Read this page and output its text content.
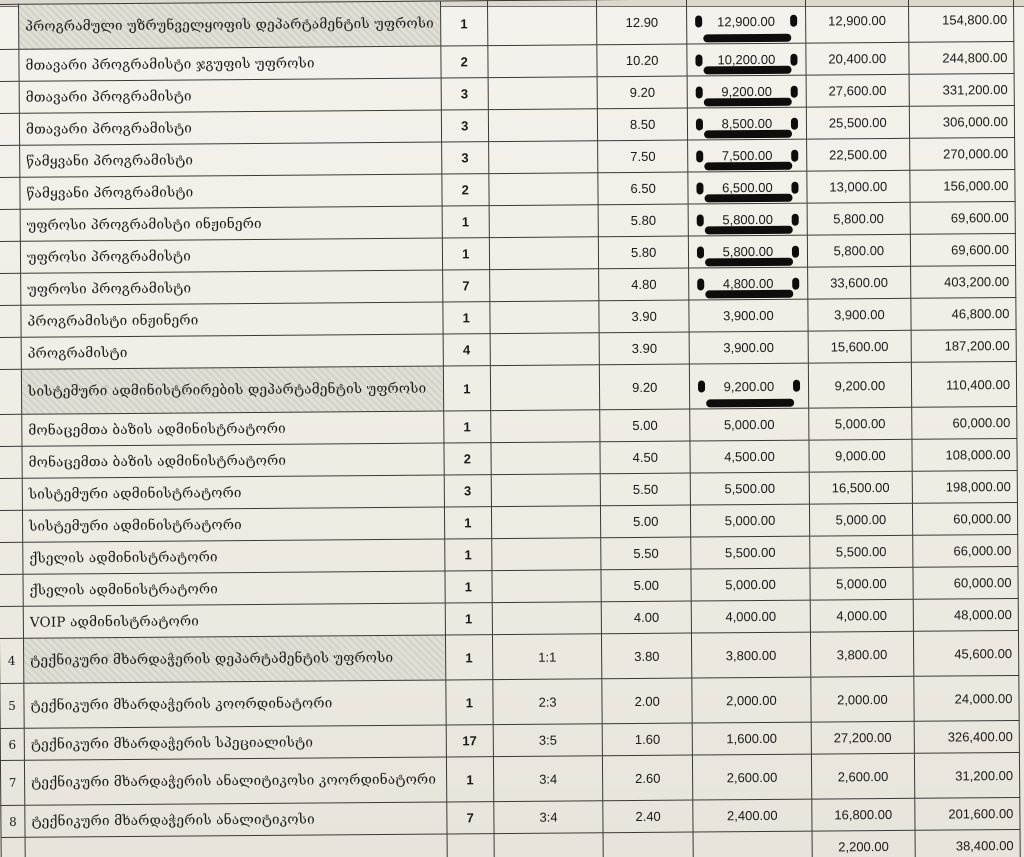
	პროგრამული უზრუნველყოფის დეპარტამენტის უფროსი	1		12.90	12,900.00	12,900.00	154,800.00
	მთავარი პროგრამისტი ჯგუფის უფროსი	2		10.20	10,200.00	20,400.00	244,800.00
	მთავარი პროგრამისტი	3		9.20	9,200.00	27,600.00	331,200.00
	მთავარი პროგრამისტი	3		8.50	8,500.00	25,500.00	306,000.00
	წამყვანი პროგრამისტი	3		7.50	7,500.00	22,500.00	270,000.00
	წამყვანი პროგრამისტი	2		6.50	6,500.00	13,000.00	156,000.00
	უფროსი პროგრამისტი ინჟინერი	1		5.80	5,800.00	5,800.00	69,600.00
	უფროსი პროგრამისტი	1		5.80	5,800.00	5,800.00	69,600.00
	უფროსი პროგრამისტი	7		4.80	4,800.00	33,600.00	403,200.00
	პროგრამისტი ინჟინერი	1		3.90	3,900.00	3,900.00	46,800.00
	პროგრამისტი	4		3.90	3,900.00	15,600.00	187,200.00
	სისტემური ადმინისტრირების დეპარტამენტის უფროსი	1		9.20	9,200.00	9,200.00	110,400.00
	მონაცემთა ბაზის ადმინისტრატორი	1		5.00	5,000.00	5,000.00	60,000.00
	მონაცემთა ბაზის ადმინისტრატორი	2		4.50	4,500.00	9,000.00	108,000.00
	სისტემური ადმინისტრატორი	3		5.50	5,500.00	16,500.00	198,000.00
	სისტემური ადმინისტრატორი	1		5.00	5,000.00	5,000.00	60,000.00
	ქსელის ადმინისტრატორი	1		5.50	5,500.00	5,500.00	66,000.00
	ქსელის ადმინისტრატორი	1		5.00	5,000.00	5,000.00	60,000.00
	VOIP ადმინისტრატორი	1		4.00	4,000.00	4,000.00	48,000.00
4	ტექნიკური მხარდაჭერის დეპარტამენტის უფროსი	1	1:1	3.80	3,800.00	3,800.00	45,600.00
5	ტექნიკური მხარდაჭერის კოორდინატორი	1	2:3	2.00	2,000.00	2,000.00	24,000.00
6	ტექნიკური მხარდაჭერის სპეციალისტი	17	3:5	1.60	1,600.00	27,200.00	326,400.00
7	ტექნიკური მხარდაჭერის ანალიტიკოსი კოორდინატორი	1	3:4	2.60	2,600.00	2,600.00	31,200.00
8	ტექნიკური მხარდაჭერის ანალიტიკოსი	7	3:4	2.40	2,400.00	16,800.00	201,600.00
						2,200.00	38,400.00
